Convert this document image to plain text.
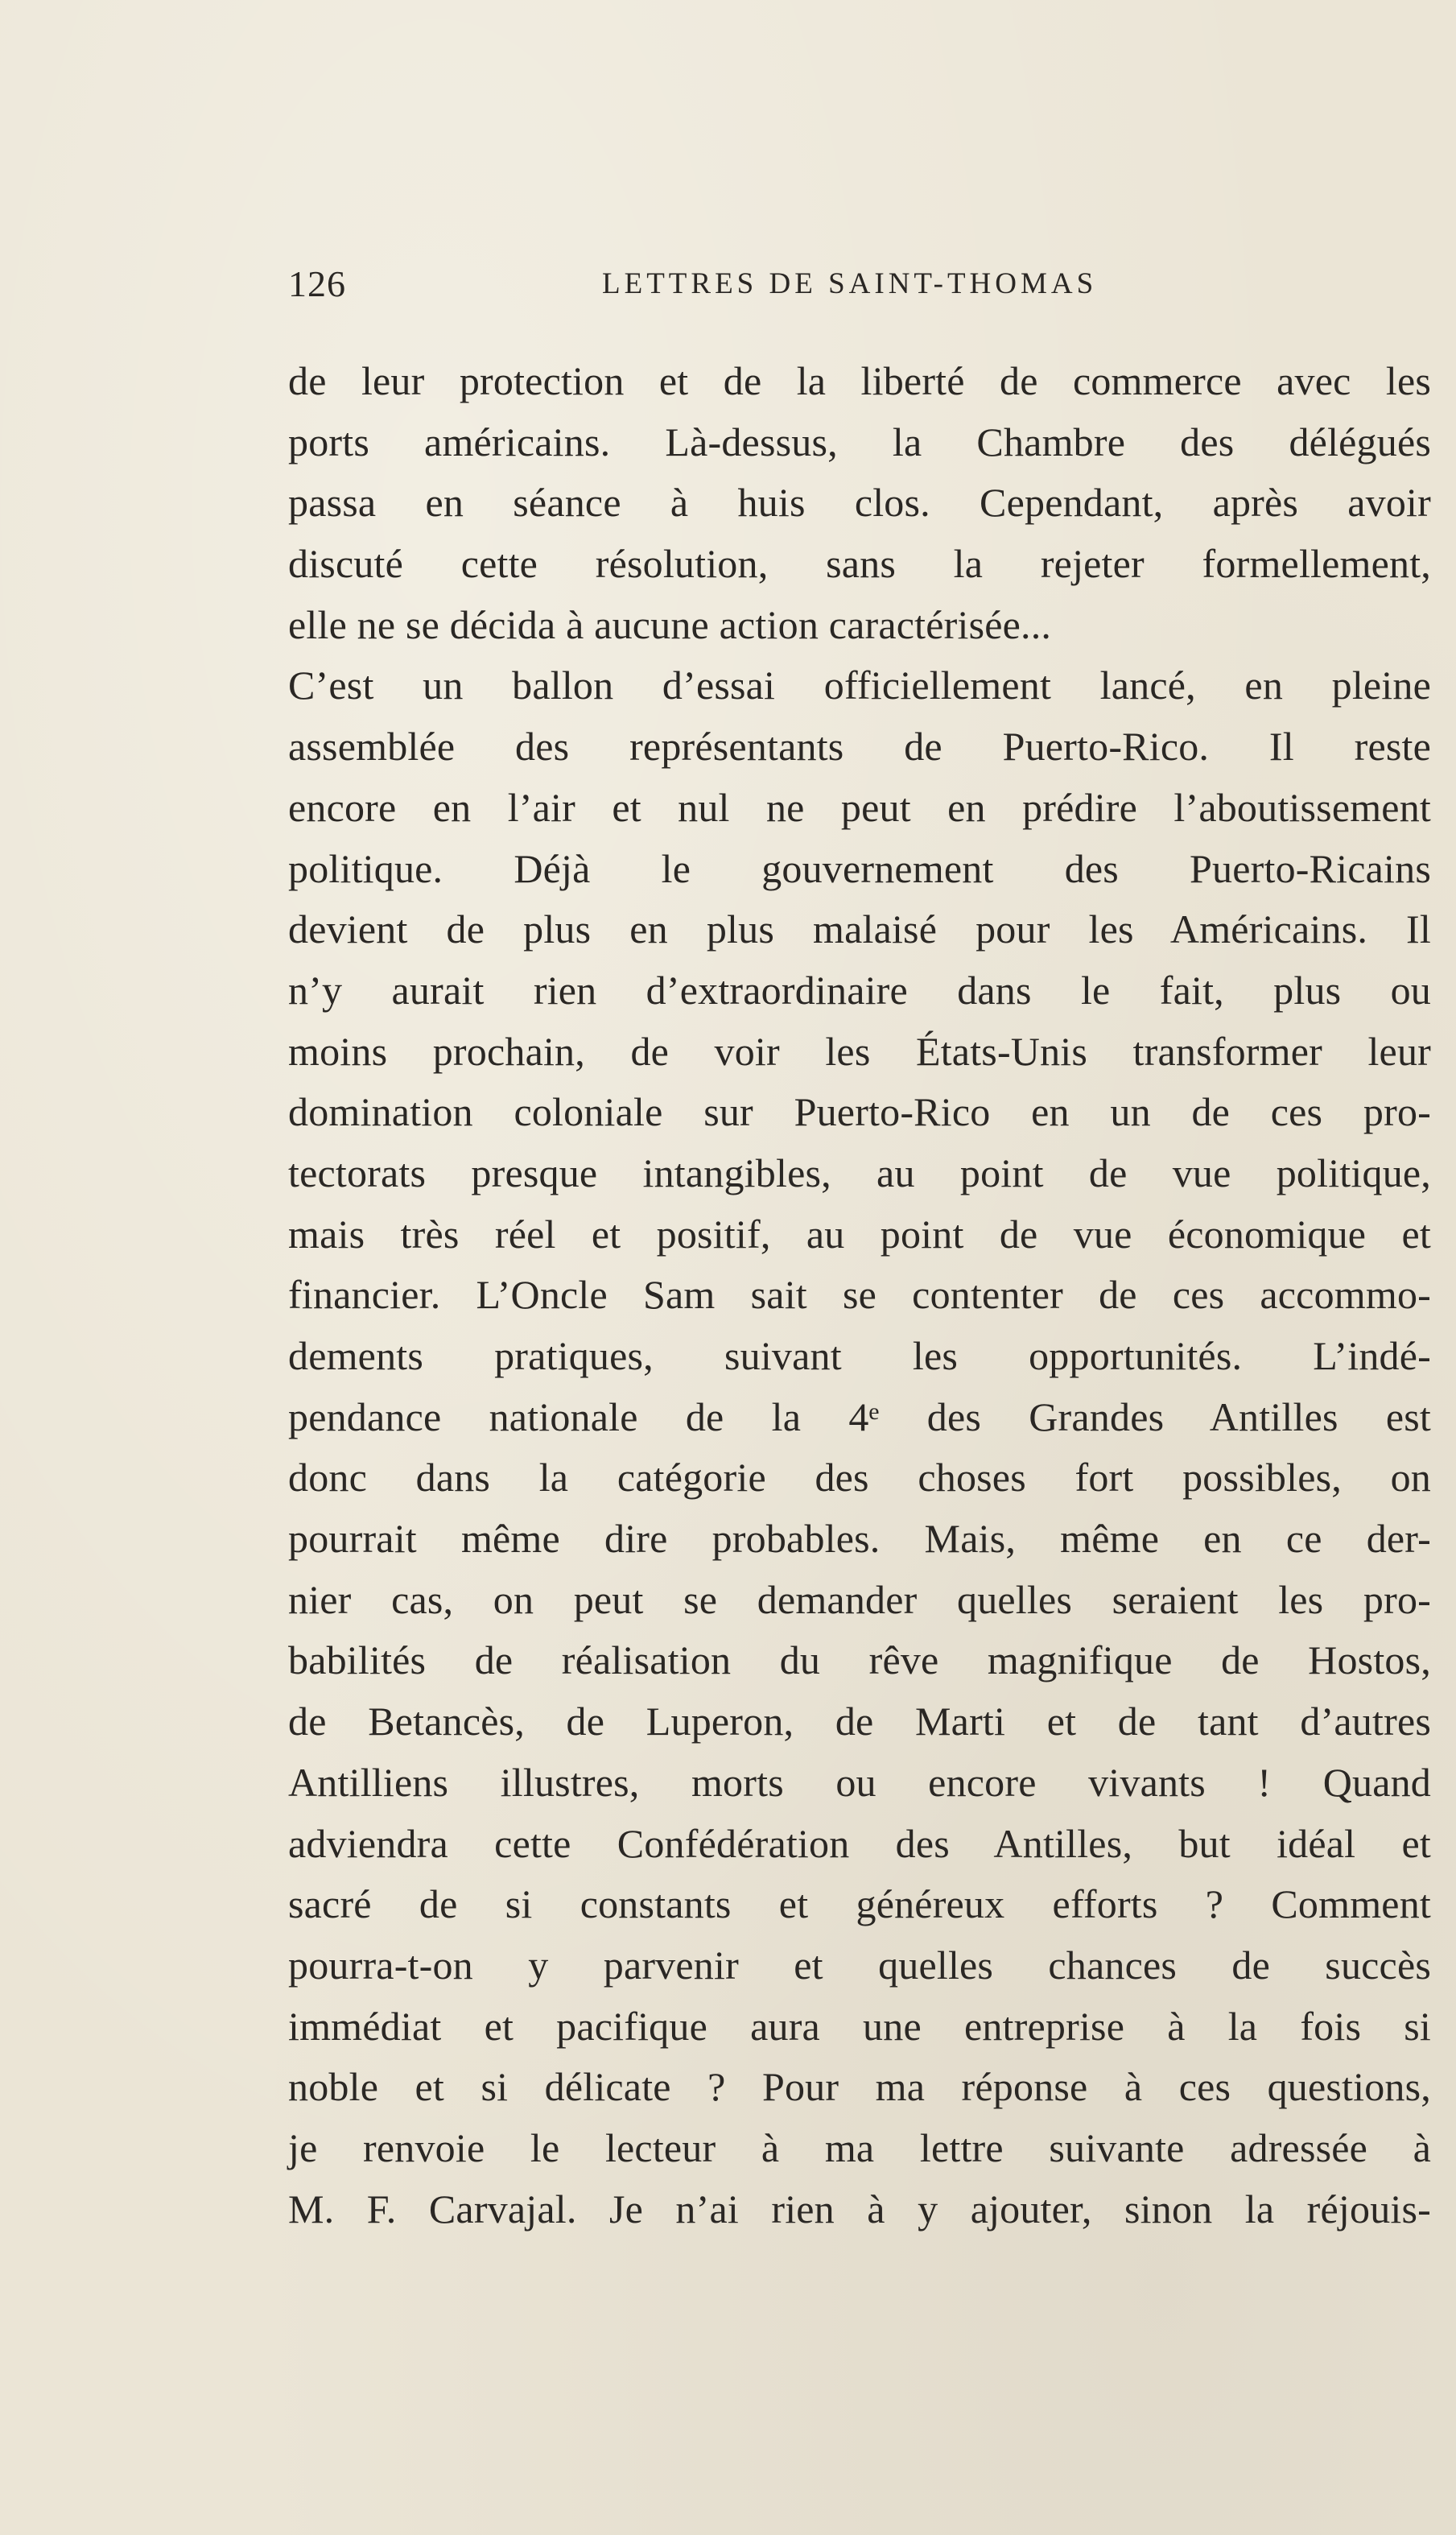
126	LETTRES DE SAINT-THOMAS
de leur protection et de la liberté de commerce avec les
ports américains. Là-dessus, la Chambre des délégués
passa en séance à huis clos. Cependant, après avoir
discuté cette résolution, sans la rejeter formellement,
elle ne se décida à aucune action caractérisée...
C’est un ballon d’essai officiellement lancé, en pleine
assemblée des représentants de Puerto-Rico. Il reste
encore en l’air et nul ne peut en prédire l’aboutissement
politique. Déjà le gouvernement des Puerto-Ricains
devient de plus en plus malaisé pour les Américains. Il
n’y aurait rien d’extraordinaire dans le fait, plus ou
moins prochain, de voir les États-Unis transformer leur
domination coloniale sur Puerto-Rico en un de ces pro-
tectorats presque intangibles, au point de vue politique,
mais très réel et positif, au point de vue économique et
financier. L’Oncle Sam sait se contenter de ces accommo-
dements pratiques, suivant les opportunités. L’indé-
pendance nationale de la 4ᵉ des Grandes Antilles est
donc dans la catégorie des choses fort possibles, on
pourrait même dire probables. Mais, même en ce der-
nier cas, on peut se demander quelles seraient les pro-
babilités de réalisation du rêve magnifique de Hostos,
de Betancès, de Luperon, de Marti et de tant d’autres
Antilliens illustres, morts ou encore vivants ! Quand
adviendra cette Confédération des Antilles, but idéal et
sacré de si constants et généreux efforts ? Comment
pourra-t-on y parvenir et quelles chances de succès
immédiat et pacifique aura une entreprise à la fois si
noble et si délicate ? Pour ma réponse à ces questions,
je renvoie le lecteur à ma lettre suivante adressée à
M. F. Carvajal. Je n’ai rien à y ajouter, sinon la réjouis-
